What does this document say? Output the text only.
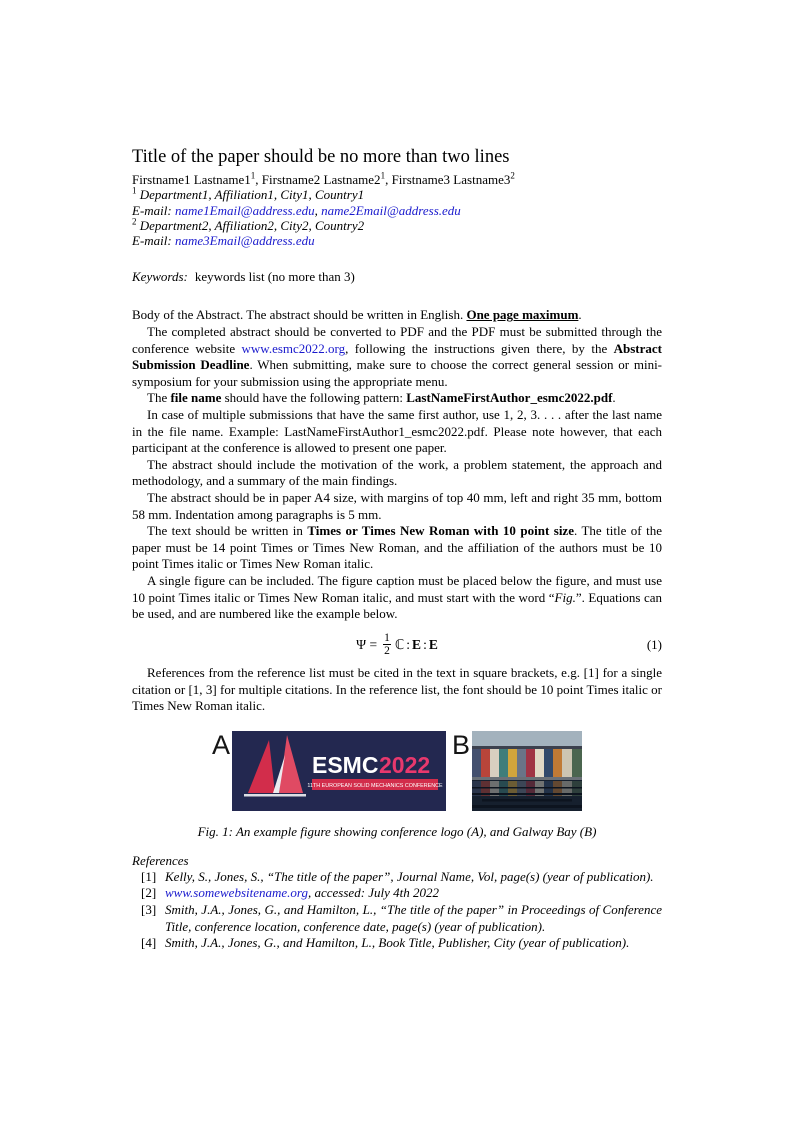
Title of the paper should be no more than two lines
Firstname1 $Lastname1^1$, Firstname2 $Lastname2^1$, Firstname3 $Lastname3^2$
$^1$ Department1, Affiliation1, City1, Country1
E-mail: name1Email@address.edu, name2Email@address.edu
$^2$ Department2, Affiliation2, City2, Country2
E-mail: name3Email@address.edu
Keywords: keywords list (no more than 3)

Body of the Abstract. The abstract should be written in English. One page maximum.

The completed abstract should be converted to PDF and the PDF must be submitted through the conference website www.esmc2022.org, following the instructions given there, by the Abstract Submission Deadline. When submitting, make sure to choose the correct general session or mini-symposium for your submission using the appropriate menu.

The file name should have the following pattern: LastNameFirstAuthor_esmc2022.pdf.

In case of multiple submissions that have the same first author, use 1, 2, 3. . . . after the last name in the file name. Example: LastNameFirstAuthor1_esmc2022.pdf. Please note however, that each participant at the conference is allowed to present one paper.

The abstract should include the motivation of the work, a problem statement, the approach and methodology, and a summary of the main findings.

The abstract should be in paper A4 size, with margins of top 40 mm, left and right 35 mm, bottom 58 mm. Indentation among paragraphs is 5 mm.

The text should be written in Times or Times New Roman with 10 point size. The title of the paper must be 14 point Times or Times New Roman, and the affiliation of the authors must be 10 point Times italic or Times New Roman italic.

A single figure can be included. The figure caption must be placed below the figure, and must use 10 point Times italic or Times New Roman italic, and must start with the word “Fig.”. Equations can be used, and are numbered like the example below.

$\Psi = \frac{1}{2}$ ℂ : E : E	(1)

References from the reference list must be cited in the text in square brackets, e.g. [1] for a single citation or [1, 3] for multiple citations. In the reference list, the font should be 10 point Times italic or Times New Roman italic.

A
ESMC 2022
11TH EUROPEAN SOLID MECHANICS CONFERENCE
B
Fig. 1: An example figure showing conference logo (A), and Galway Bay (B)
References
[1] Kelly, S., Jones, S., “The title of the paper”, Journal Name, Vol, page(s) (year of publication).
[2] www.somewebsitename.org, accessed: July 4th 2022
[3] Smith, J.A., Jones, G., and Hamilton, L., “The title of the paper” in Proceedings of Conference Title, conference location, conference date, page(s) (year of publication).
[4] Smith, J.A., Jones, G., and Hamilton, L., Book Title, Publisher, City (year of publication).
